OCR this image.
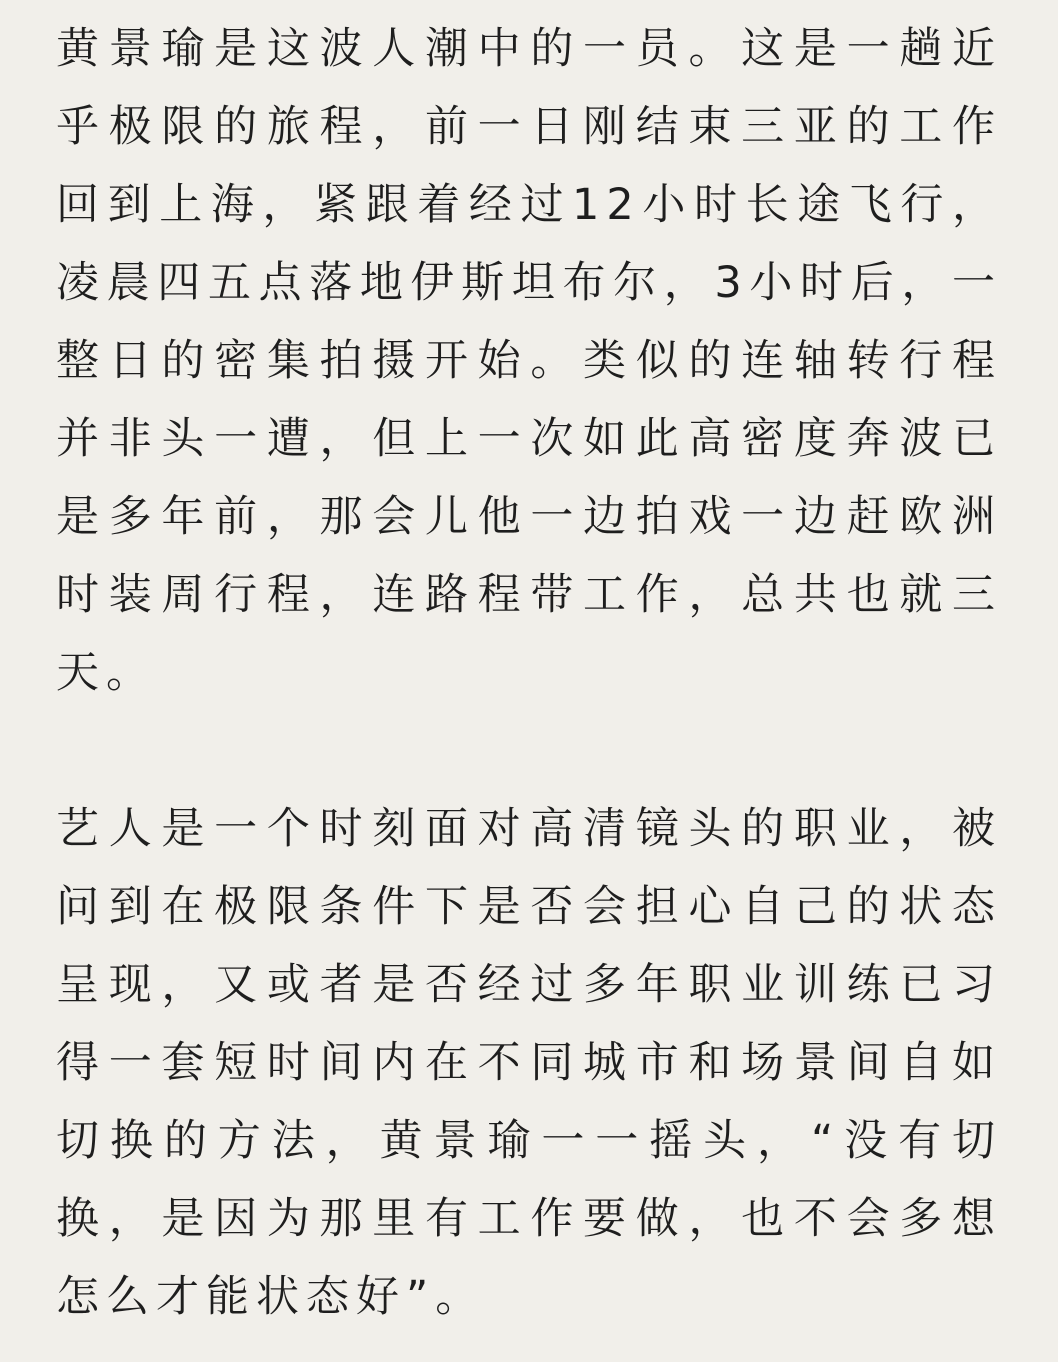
黄景瑜是这波人潮中的一员。这是一趟近乎极限的旅程，前一日刚结束三亚的工作回到上海，紧跟着经过12小时长途飞行，凌晨四五点落地伊斯坦布尔，3小时后，一整日的密集拍摄开始。类似的连轴转行程并非头一遭，但上一次如此高密度奔波已是多年前，那会儿他一边拍戏一边赶欧洲时装周行程，连路程带工作，总共也就三天。

艺人是一个时刻面对高清镜头的职业，被问到在极限条件下是否会担心自己的状态呈现，又或者是否经过多年职业训练已习得一套短时间内在不同城市和场景间自如切换的方法，黄景瑜一一摇头，“没有切换，是因为那里有工作要做，也不会多想怎么才能状态好”。
